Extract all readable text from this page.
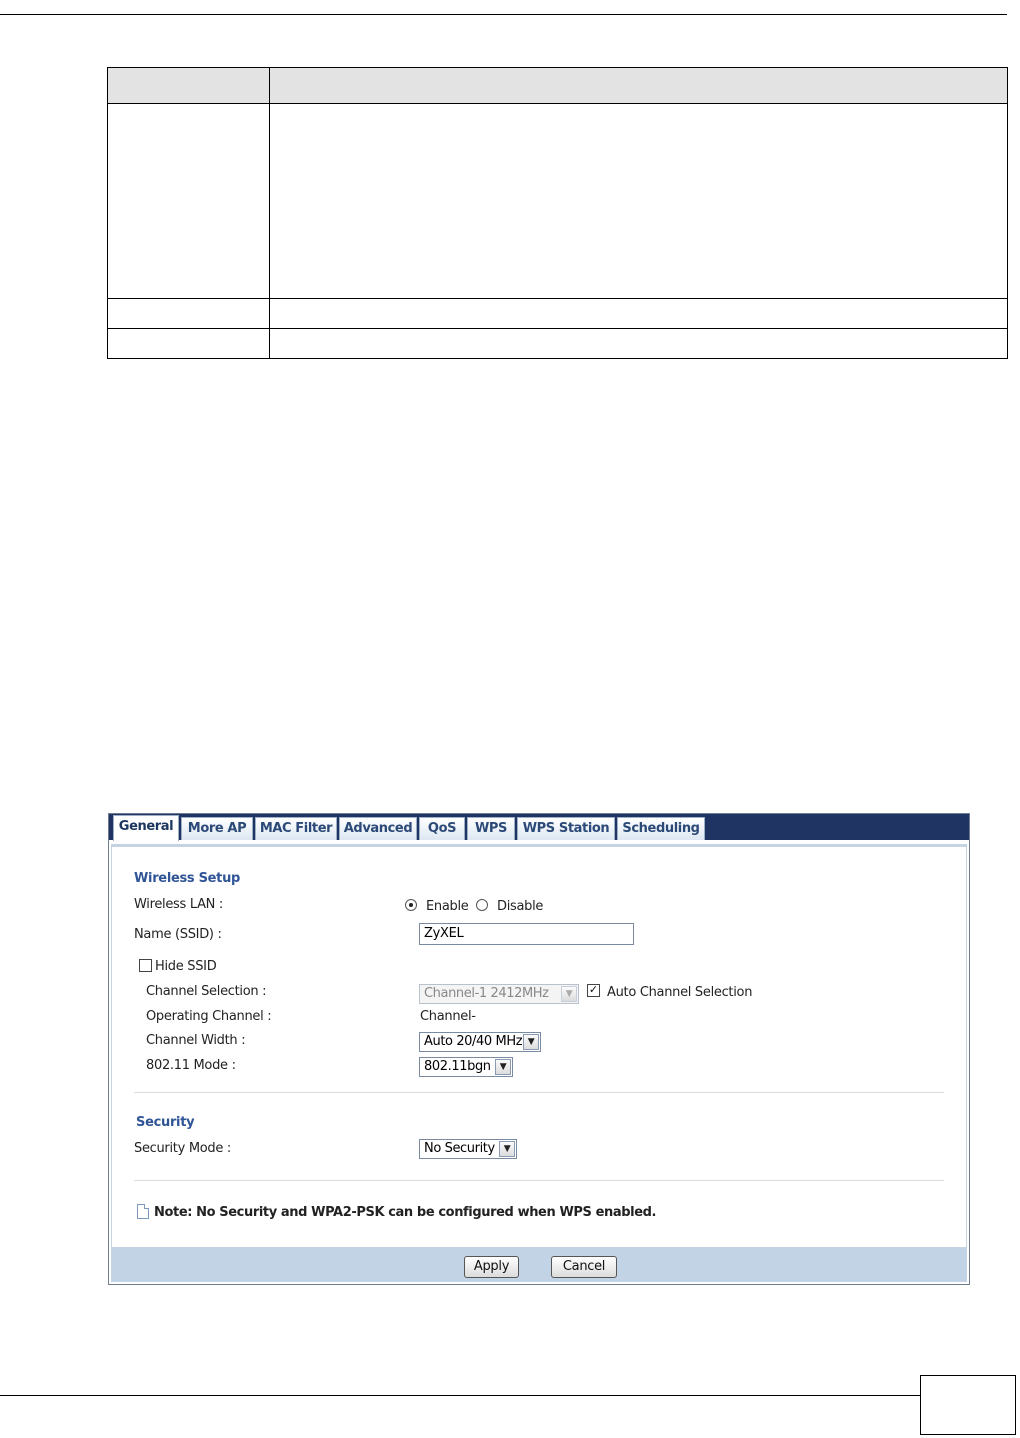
General	More AP	MAC Filter Advanced	QoS	WPS	WPS Station	Scheduling
Wireless Setup
Wireless LAN :	Enable Disable
Name (SSID) :	ZyXEL
Hide SSID
Channel Selection :	Channel-1 2412MHz	▼	✓ Auto Channel Selection
Operating Channel :	Channel-
Channel Width :	Auto 20/40 MHz ▼
802.11 Mode :	802.11bgn	▼
Security
Security Mode :	No Security ▼
Note: No Security and WPA2-PSK can be configured when WPS enabled.
Apply	Cancel
